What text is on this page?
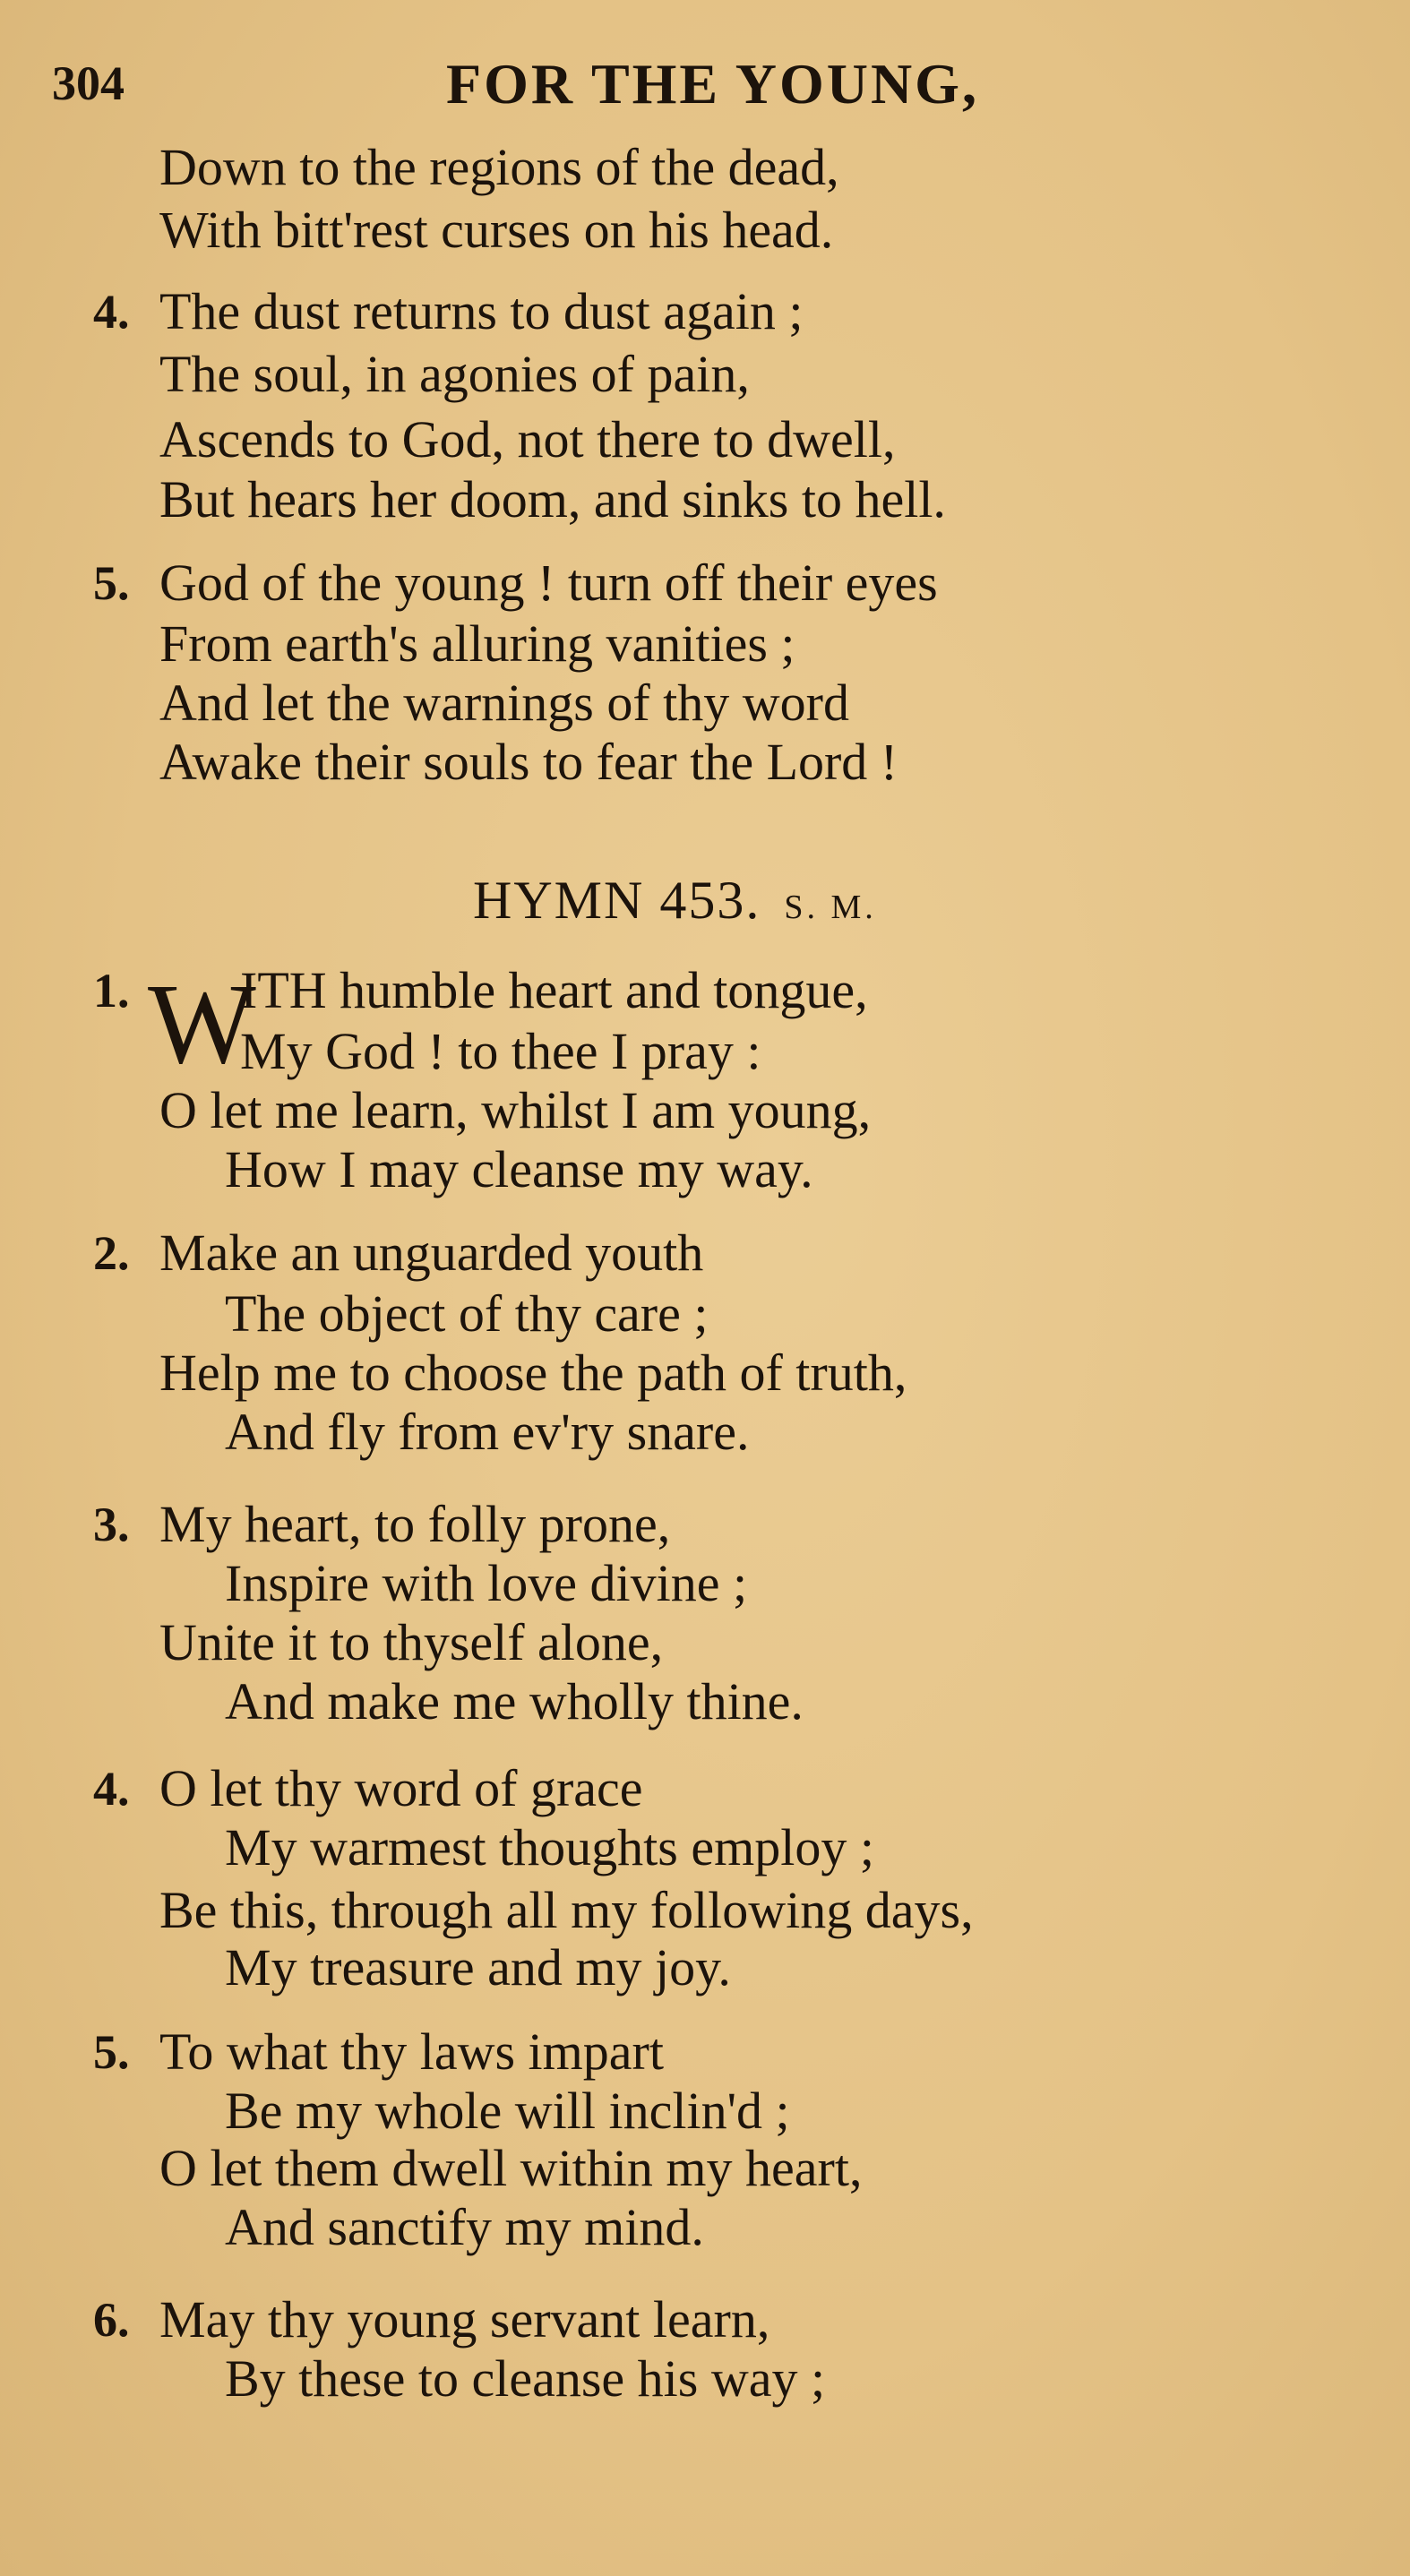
304	FOR THE YOUNG,
HYMN 453. S. M.
W
Down to the regions of the dead,
With bitt'rest curses on his head.
4. The dust returns to dust again ;
The soul, in agonies of pain,
Ascends to God, not there to dwell,
But hears her doom, and sinks to hell.
5. God of the young ! turn off their eyes
From earth's alluring vanities ;
And let the warnings of thy word
Awake their souls to fear the Lord !
1. ITH humble heart and tongue,
My God ! to thee I pray :
O let me learn, whilst I am young,
How I may cleanse my way.
2. Make an unguarded youth
The object of thy care ;
Help me to choose the path of truth,
And fly from ev'ry snare.
3. My heart, to folly prone,
Inspire with love divine ;
Unite it to thyself alone,
And make me wholly thine.
4. O let thy word of grace
My warmest thoughts employ ;
Be this, through all my following days,
My treasure and my joy.
5. To what thy laws impart
Be my whole will inclin'd ;
O let them dwell within my heart,
And sanctify my mind.
6. May thy young servant learn,
By these to cleanse his way ;
